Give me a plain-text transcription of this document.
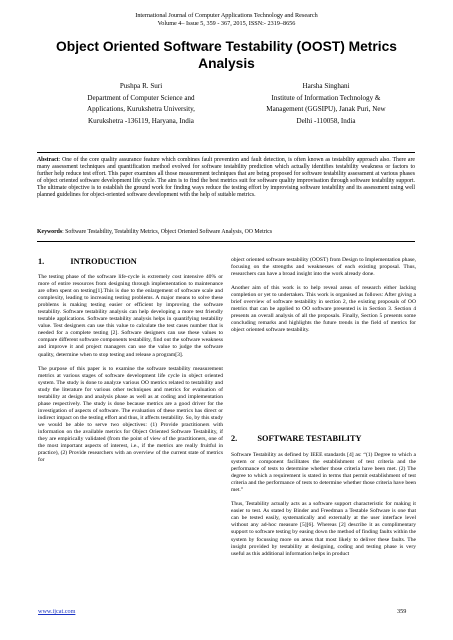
International Journal of Computer Applications Technology and Research
Volume 4– Issue 5, 359 - 367, 2015, ISSN:- 2319–8656
Object Oriented Software Testability (OOST) Metrics Analysis
Pushpa R. Suri
Department of Computer Science and
Applications, Kurukshetra University,
Kurukshetra -136119, Haryana, India
Harsha Singhani
Institute of Information Technology &
Management (GGSIPU), Janak Puri, New
Delhi -110058, India
Abstract: One of the core quality assurance feature which combines fault prevention and fault detection, is often known as testability approach also. There are many assessment techniques and quantification method evolved for software testability prediction which actually identifies testability weakness or factors to further help reduce test effort. This paper examines all those measurement techniques that are being proposed for software testability assessment at various phases of object oriented software development life cycle. The aim is to find the best metrics suit for software quality improvisation through software testability support. The ultimate objective is to establish the ground work for finding ways reduce the testing effort by improvising software testability and its assessment using well planned guidelines for object-oriented software development with the help of suitable metrics.
Keywords: Software Testability, Testability Metrics, Object Oriented Software Analysis, OO Metrics
1.	INTRODUCTION

The testing phase of the software life-cycle is extremely cost intensive 40% or more of entire resources from designing through implementation to maintenance are often spent on testing[1].This is due to the enlargement of software scale and complexity, leading to increasing testing problems. A major means to solve these problems is making testing easier or efficient by improving the software testability. Software testability analysis can help developing a more test friendly testable applications. Software testability analysis helps in quantifying testability value. Test designers can use this value to calculate the test cases number that is needed for a complete testing [2]. Software designers can use these values to compare different software components testability, find out the software weakness and improve it and project managers can use the value to judge the software quality, determine when to stop testing and release a program[3].

The purpose of this paper is to examine the software testability measurement metrics at various stages of software development life cycle in object oriented system. The study is done to analyze various OO metrics related to testability and study the literature for various other techniques and metrics for evaluation of testability at design and analysis phase as well as at coding and implementation phase respectively. The study is done because metrics are a good driver for the investigation of aspects of software. The evaluation of these metrics has direct or indirect impact on the testing effort and thus, it affects testability. So, by this study we would be able to serve two objectives: (1) Provide practitioners with information on the available metrics for Object Oriented Software Testability, if they are empirically validated (from the point of view of the practitioners, one of the most important aspects of interest, i.e., if the metrics are really fruitful in practice), (2) Provide researchers with an overview of the current state of metrics for

object oriented software testability (OOST) from Design to Implementation phase, focusing on the strengths and weaknesses of each existing proposal. Thus, researchers can have a broad insight into the work already done.

Another aim of this work is to help reveal areas of research either lacking completion or yet to undertaken. This work is organised as follows: After giving a brief overview of software testability in section 2, the existing proposals of OO metrics that can be applied to OO software presented is in Section 3. Section 4 presents an overall analysis of all the proposals. Finally, Section 5 presents some concluding remarks and highlights the future trends in the field of metrics for object oriented software testability.

2. SOFTWARE TESTABILITY

Software Testability as defined by IEEE standards [4] as: “(1) Degree to which a system or component facilitates the establishment of test criteria and the performance of tests to determine whether those criteria have been met. (2) The degree to which a requirement is stated in terms that permit establishment of test criteria and the performance of tests to determine whether those criteria have been met.”

Thus, Testability actually acts as a software support characteristic for making it easier to test. As stated by Binder and Freedman a Testable Software is one that can be tested easily, systematically and externally at the user interface level without any ad-hoc measure [5][6]. Whereas [2] describe it as complimentary support to software testing by easing down the method of finding faults within the system by focussing more on areas that most likely to deliver these faults. The insight provided by testability at designing, coding and testing phase is very useful as this additional information helps in product

www.ijcat.com	359
